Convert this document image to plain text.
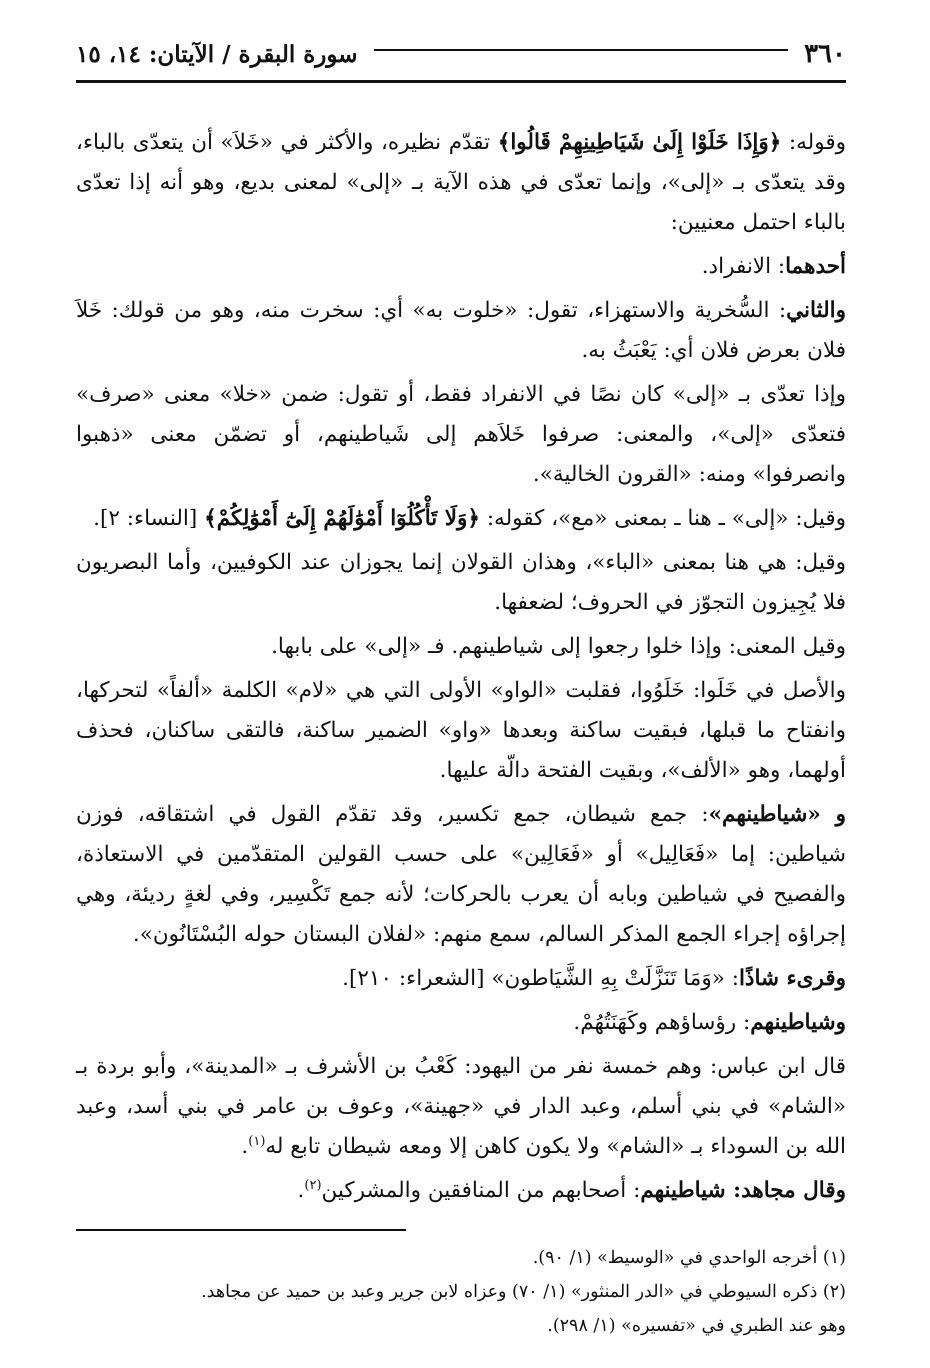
٣٦٠
سورة البقرة / الآيتان: ١٤، ١٥

وقوله: ﴿وَإِذَا خَلَوْا إِلَىٰ شَيَاطِينِهِمْ قَالُوا﴾ تقدّم نظيره، والأكثر في «خَلاَ» أن يتعدّى بالباء، وقد يتعدّى بـ «إلى»، وإنما تعدّى في هذه الآية بـ «إلى» لمعنى بديع، وهو أنه إذا تعدّى بالباء احتمل معنيين:

أحدهما: الانفراد.

والثاني: السُّخرية والاستهزاء، تقول: «خلوت به» أي: سخرت منه، وهو من قولك: خَلاَ فلان بعرض فلان أي: يَعْبَثُ به.

وإذا تعدّى بـ «إلى» كان نصًا في الانفراد فقط، أو تقول: ضمن «خلا» معنى «صرف» فتعدّى «إلى»، والمعنى: صرفوا خَلاَهم إلى شَياطينهم، أو تضمّن معنى «ذهبوا وانصرفوا» ومنه: «القرون الخالية».

وقيل: «إلى» ـ هنا ـ بمعنى «مع»، كقوله: ﴿وَلَا تَأْكُلُوٓا أَمْوَٰلَهُمْ إِلَىٰٓ أَمْوَٰلِكُمْ﴾ [النساء: ٢].

وقيل: هي هنا بمعنى «الباء»، وهذان القولان إنما يجوزان عند الكوفيين، وأما البصريون فلا يُجِيزون التجوّز في الحروف؛ لضعفها.

وقيل المعنى: وإذا خلوا رجعوا إلى شياطينهم. فـ «إلى» على بابها.

والأصل في خَلَوا: خَلَوُوا، فقلبت «الواو» الأولى التي هي «لام» الكلمة «ألفاً» لتحركها، وانفتاح ما قبلها، فبقيت ساكنة وبعدها «واو» الضمير ساكنة، فالتقى ساكنان، فحذف أولهما، وهو «الألف»، وبقيت الفتحة دالّة عليها.

و «شياطينهم»: جمع شيطان، جمع تكسير، وقد تقدّم القول في اشتقاقه، فوزن شياطين: إما «فَعَالِيل» أو «فَعَالِين» على حسب القولين المتقدّمين في الاستعاذة، والفصيح في شياطين وبابه أن يعرب بالحركات؛ لأنه جمع تَكْسِير، وفي لغةٍ رديئة، وهي إجراؤه إجراء الجمع المذكر السالم، سمع منهم: «لفلان البستان حوله البُسْتَانُون».

وقرىء شاذًا: «وَمَا تَنَزَّلَتْ بِهِ الشَّيَاطون» [الشعراء: ٢١٠].

وشياطينهم: رؤساؤهم وكَهَنَتُهُمْ.

قال ابن عباس: وهم خمسة نفر من اليهود: كَعْبُ بن الأشرف بـ «المدينة»، وأبو بردة بـ «الشام» في بني أسلم، وعبد الدار في «جهينة»، وعوف بن عامر في بني أسد، وعبد الله بن السوداء بـ «الشام» ولا يكون كاهن إلا ومعه شيطان تابع له$^{(١)}$.

وقال مجاهد: شياطينهم: أصحابهم من المنافقين والمشركين$^{(٢)}$.

(١) أخرجه الواحدي في «الوسيط» (١/ ٩٠).
(٢) ذكره السيوطي في «الدر المنثور» (١/ ٧٠) وعزاه لابن جرير وعبد بن حميد عن مجاهد.
وهو عند الطبري في «تفسيره» (١/ ٢٩٨).
